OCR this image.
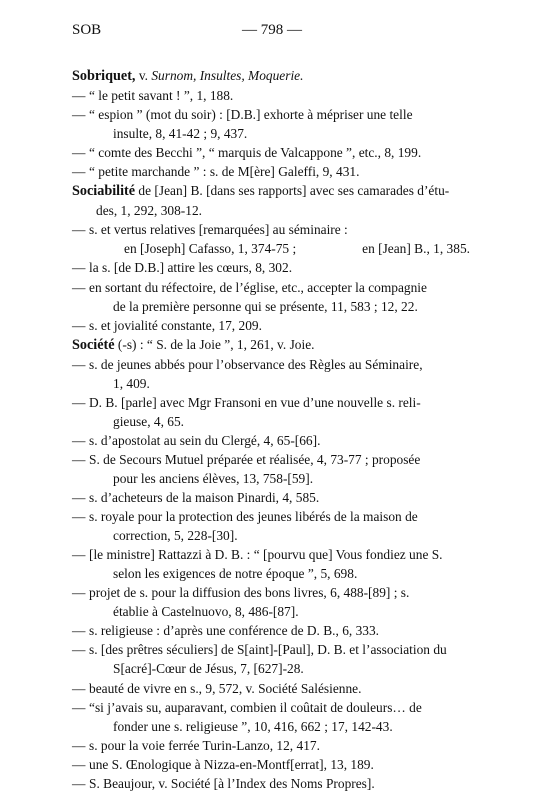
SOB	— 798 —
Sobriquet, v. Surnom, Insultes, Moquerie.
— “ le petit savant ! ”, 1, 188.
— “ espion ” (mot du soir) : [D.B.] exhorte à mépriser une telle
insulte, 8, 41-42 ; 9, 437.
— “ comte des Becchi ”, “ marquis de Valcappone ”, etc., 8, 199.
— “ petite marchande ” : s. de M[ère] Galeffi, 9, 431.
Sociabilité de [Jean] B. [dans ses rapports] avec ses camarades d’étu-
des, 1, 292, 308-12.
— s. et vertus relatives [remarquées] au séminaire :
en [Joseph] Cafasso, 1, 374-75 ;	en [Jean] B., 1, 385.
— la s. [de D.B.] attire les cœurs, 8, 302.
— en sortant du réfectoire, de l’église, etc., accepter la compagnie
de la première personne qui se présente, 11, 583 ; 12, 22.
— s. et jovialité constante, 17, 209.
Société (-s) : “ S. de la Joie ”, 1, 261, v. Joie.
— s. de jeunes abbés pour l’observance des Règles au Séminaire,
1, 409.
— D. B. [parle] avec Mgr Fransoni en vue d’une nouvelle s. reli-
gieuse, 4, 65.
— s. d’apostolat au sein du Clergé, 4, 65-[66].
— S. de Secours Mutuel préparée et réalisée, 4, 73-77 ; proposée
pour les anciens élèves, 13, 758-[59].
— s. d’acheteurs de la maison Pinardi, 4, 585.
— s. royale pour la protection des jeunes libérés de la maison de
correction, 5, 228-[30].
— [le ministre] Rattazzi à D. B. : “ [pourvu que] Vous fondiez une S.
selon les exigences de notre époque ”, 5, 698.
— projet de s. pour la diffusion des bons livres, 6, 488-[89] ; s.
établie à Castelnuovo, 8, 486-[87].
— s. religieuse : d’après une conférence de D. B., 6, 333.
— s. [des prêtres séculiers] de S[aint]-[Paul], D. B. et l’association du
S[acré]-Cœur de Jésus, 7, [627]-28.
— beauté de vivre en s., 9, 572, v. Société Salésienne.
— “si j’avais su, auparavant, combien il coûtait de douleurs… de
fonder une s. religieuse ”, 10, 416, 662 ; 17, 142-43.
— s. pour la voie ferrée Turin-Lanzo, 12, 417.
— une S. Œnologique à Nizza-en-Montf[errat], 13, 189.
— S. Beaujour, v. Société [à l’Index des Noms Propres].
